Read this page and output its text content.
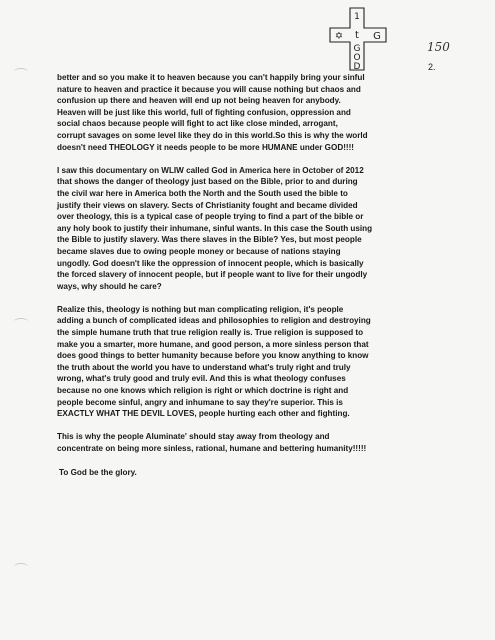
1
t
G
O
D
✡	G
150
2.
better and so you make it to heaven because you can't happily bring your sinful
nature to heaven and practice it because you will cause nothing but chaos and
confusion up there and heaven will end up not being heaven for anybody.
Heaven will be just like this world, full of fighting confusion, oppression and
social chaos because people will fight to act like close minded, arrogant,
corrupt savages on some level like they do in this world.So this is why the world
doesn't need THEOLOGY it needs people to be more HUMANE under GOD!!!!
I saw this documentary on WLIW called God in America here in October of 2012
that shows the danger of theology just based on the Bible, prior to and during
the civil war here in America both the North and the South used the bible to
justify their views on slavery. Sects of Christianity fought and became divided
over theology, this is a typical case of people trying to find a part of the bible or
any holy book to justify their inhumane, sinful wants. In this case the South using
the Bible to justify slavery. Was there slaves in the Bible? Yes, but most people
became slaves due to owing people money or because of nations staying
ungodly. God doesn't like the oppression of innocent people, which is basically
the forced slavery of innocent people, but if people want to live for their ungodly
ways, why should he care?
Realize this, theology is nothing but man complicating religion, it's people
adding a bunch of complicated ideas and philosophies to religion and destroying
the simple humane truth that true religion really is. True religion is supposed to
make you a smarter, more humane, and good person, a more sinless person that
does good things to better humanity because before you know anything to know
the truth about the world you have to understand what's truly right and truly
wrong, what's truly good and truly evil. And this is what theology confuses
because no one knows which religion is right or which doctrine is right and
people become sinful, angry and inhumane to say they're superior. This is
EXACTLY WHAT THE DEVIL LOVES, people hurting each other and fighting.
This is why the people Aluminate' should stay away from theology and
concentrate on being more sinless, rational, humane and bettering humanity!!!!!
To God be the glory.
